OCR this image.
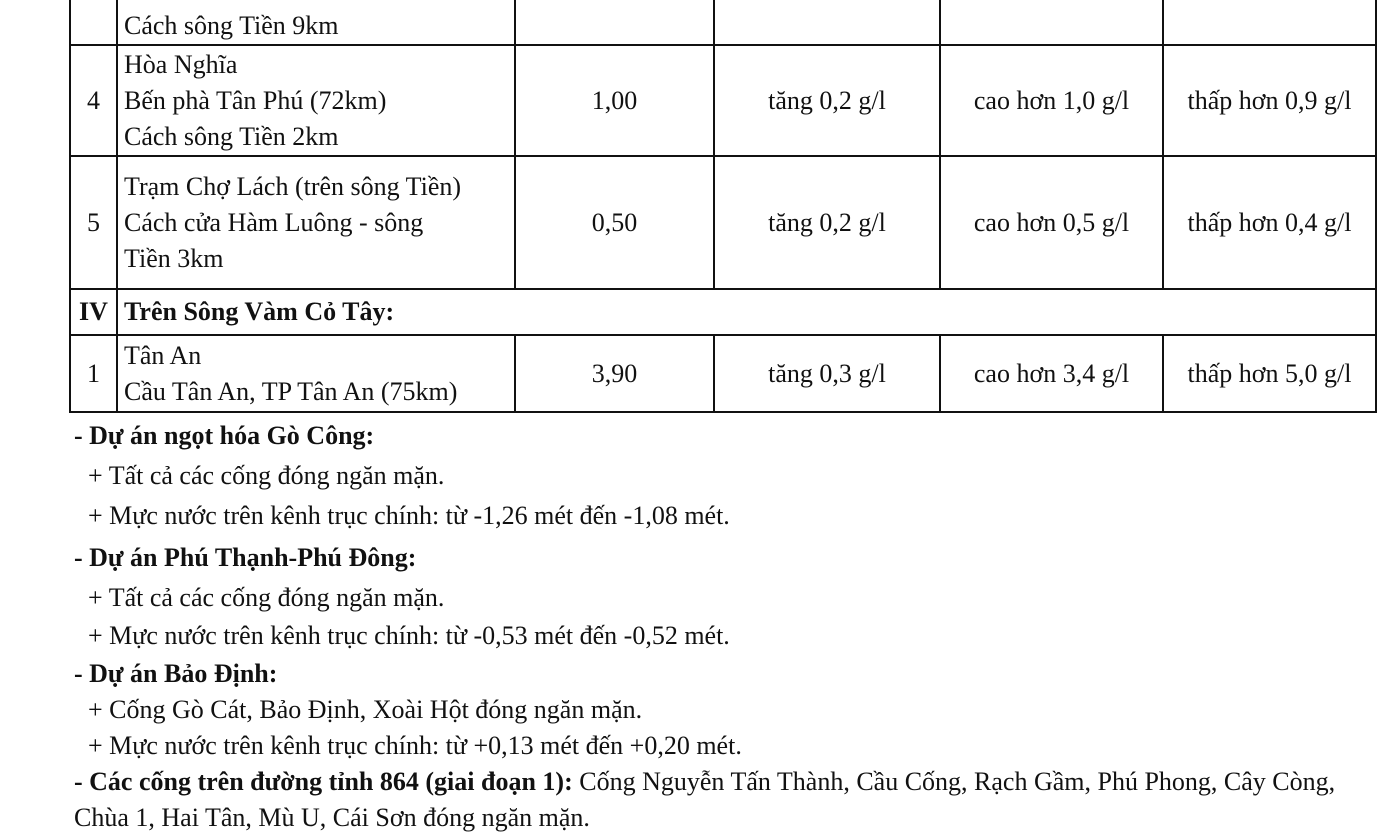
	Cách sông Tiền 9km				

4	Hòa Nghĩa
Bến phà Tân Phú (72km)
Cách sông Tiền 2km	1,00	tăng 0,2 g/l	cao hơn 1,0 g/l	thấp hơn 0,9 g/l
5	Trạm Chợ Lách (trên sông Tiền)
Cách cửa Hàm Luông - sông
Tiền 3km	0,50	tăng 0,2 g/l	cao hơn 0,5 g/l	thấp hơn 0,4 g/l
IV	Trên Sông Vàm Cỏ Tây:				
1	Tân An
Cầu Tân An, TP Tân An (75km)	3,90	tăng 0,3 g/l	cao hơn 3,4 g/l	thấp hơn 5,0 g/l
- Dự án ngọt hóa Gò Công:
+ Tất cả các cống đóng ngăn mặn.
+ Mực nước trên kênh trục chính: từ -1,26 mét đến -1,08 mét.
- Dự án Phú Thạnh-Phú Đông:
+ Tất cả các cống đóng ngăn mặn.
+ Mực nước trên kênh trục chính: từ -0,53 mét đến -0,52 mét.
- Dự án Bảo Định:
+ Cống Gò Cát, Bảo Định, Xoài Hột đóng ngăn mặn.
+ Mực nước trên kênh trục chính: từ +0,13 mét đến +0,20 mét.
- Các cống trên đường tỉnh 864 (giai đoạn 1): Cống Nguyễn Tấn Thành, Cầu Cống, Rạch Gầm, Phú Phong, Cây Còng, Chùa 1, Hai Tân, Mù U, Cái Sơn đóng ngăn mặn.
